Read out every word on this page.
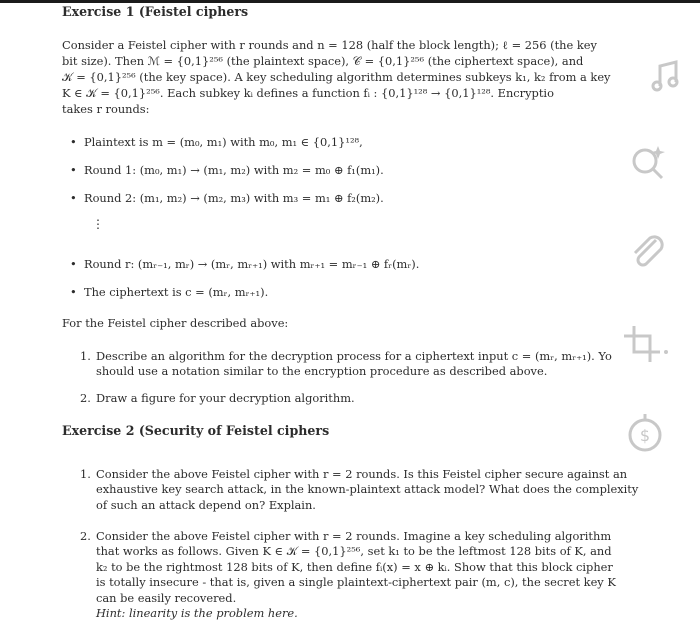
Exercise 1 (Feistel ciphers
Consider a Feistel cipher with r rounds and n = 128 (half the block length); ℓ = 256 (the key
bit size). Then ℳ = {0,1}²⁵⁶ (the plaintext space), 𝒞 = {0,1}²⁵⁶ (the ciphertext space), and
𝒦 = {0,1}²⁵⁶ (the key space). A key scheduling algorithm determines subkeys k₁, k₂ from a key
K ∈ 𝒦 = {0,1}²⁵⁶. Each subkey kᵢ defines a function fᵢ : {0,1}¹²⁸ → {0,1}¹²⁸. Encryptio
takes r rounds:
• Plaintext is m = (m₀, m₁) with m₀, m₁ ∈ {0,1}¹²⁸,
• Round 1: (m₀, m₁) → (m₁, m₂) with m₂ = m₀ ⊕ f₁(m₁).
• Round 2: (m₁, m₂) → (m₂, m₃) with m₃ = m₁ ⊕ f₂(m₂).
⋮
• Round r: (mᵣ₋₁, mᵣ) → (mᵣ, mᵣ₊₁) with mᵣ₊₁ = mᵣ₋₁ ⊕ fᵣ(mᵣ).
• The ciphertext is c = (mᵣ, mᵣ₊₁).
For the Feistel cipher described above:
1. Describe an algorithm for the decryption process for a ciphertext input c = (mᵣ, mᵣ₊₁). Yo
should use a notation similar to the encryption procedure as described above.
2. Draw a figure for your decryption algorithm.
Exercise 2 (Security of Feistel ciphers
1. Consider the above Feistel cipher with r = 2 rounds. Is this Feistel cipher secure against an
exhaustive key search attack, in the known-plaintext attack model? What does the complexity
of such an attack depend on? Explain.
2. Consider the above Feistel cipher with r = 2 rounds. Imagine a key scheduling algorithm
that works as follows. Given K ∈ 𝒦 = {0,1}²⁵⁶, set k₁ to be the leftmost 128 bits of K, and
k₂ to be the rightmost 128 bits of K, then define fᵢ(x) = x ⊕ kᵢ. Show that this block cipher
is totally insecure - that is, given a single plaintext-ciphertext pair (m, c), the secret key K
can be easily recovered.
Hint: linearity is the problem here.
$
